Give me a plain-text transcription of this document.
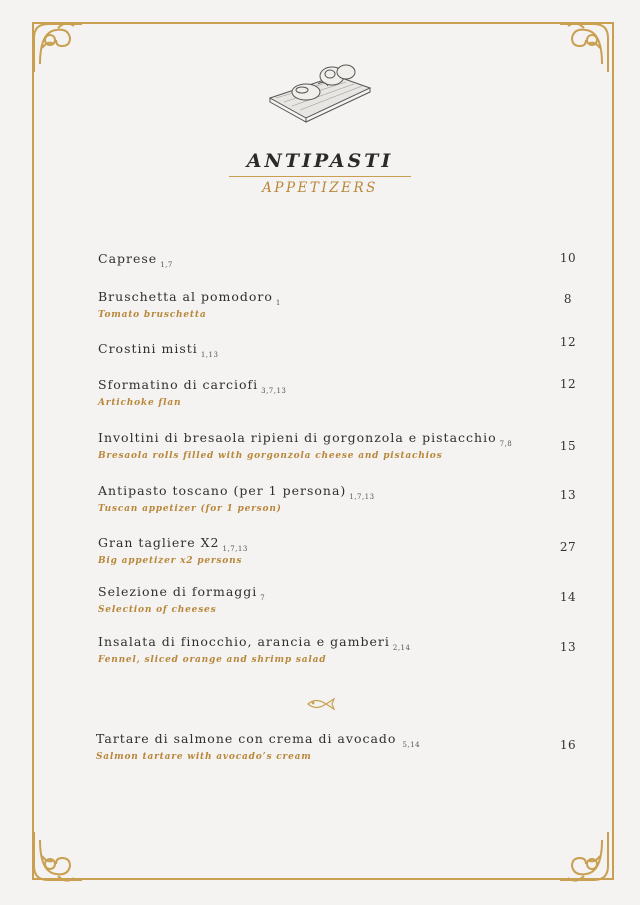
ANTIPASTI
APPETIZERS
Caprese $_{1,7}$	10
Bruschetta al pomodoro $_1$
Tomato bruschetta
8
Crostini misti $_{1,13}$
12
Sformatino di carciofi $_{3,7,13}$
Artichoke flan
12
Involtini di bresaola ripieni di gorgonzola e pistacchio $_{7,8}$
Bresaola rolls filled with gorgonzola cheese and pistachios
15
Antipasto toscano (per 1 persona) $_{1,7,13}$
Tuscan appetizer (for 1 person)
13
Gran tagliere X2 $_{1,7,13}$
Big appetizer x2 persons
27
Selezione di formaggi $_7$
Selection of cheeses
14
Insalata di finocchio, arancia e gamberi $_{2,14}$
Fennel, sliced orange and shrimp salad
13
Tartare di salmone con crema di avocado $_{5,14}$
Salmon tartare with avocado’s cream
16
